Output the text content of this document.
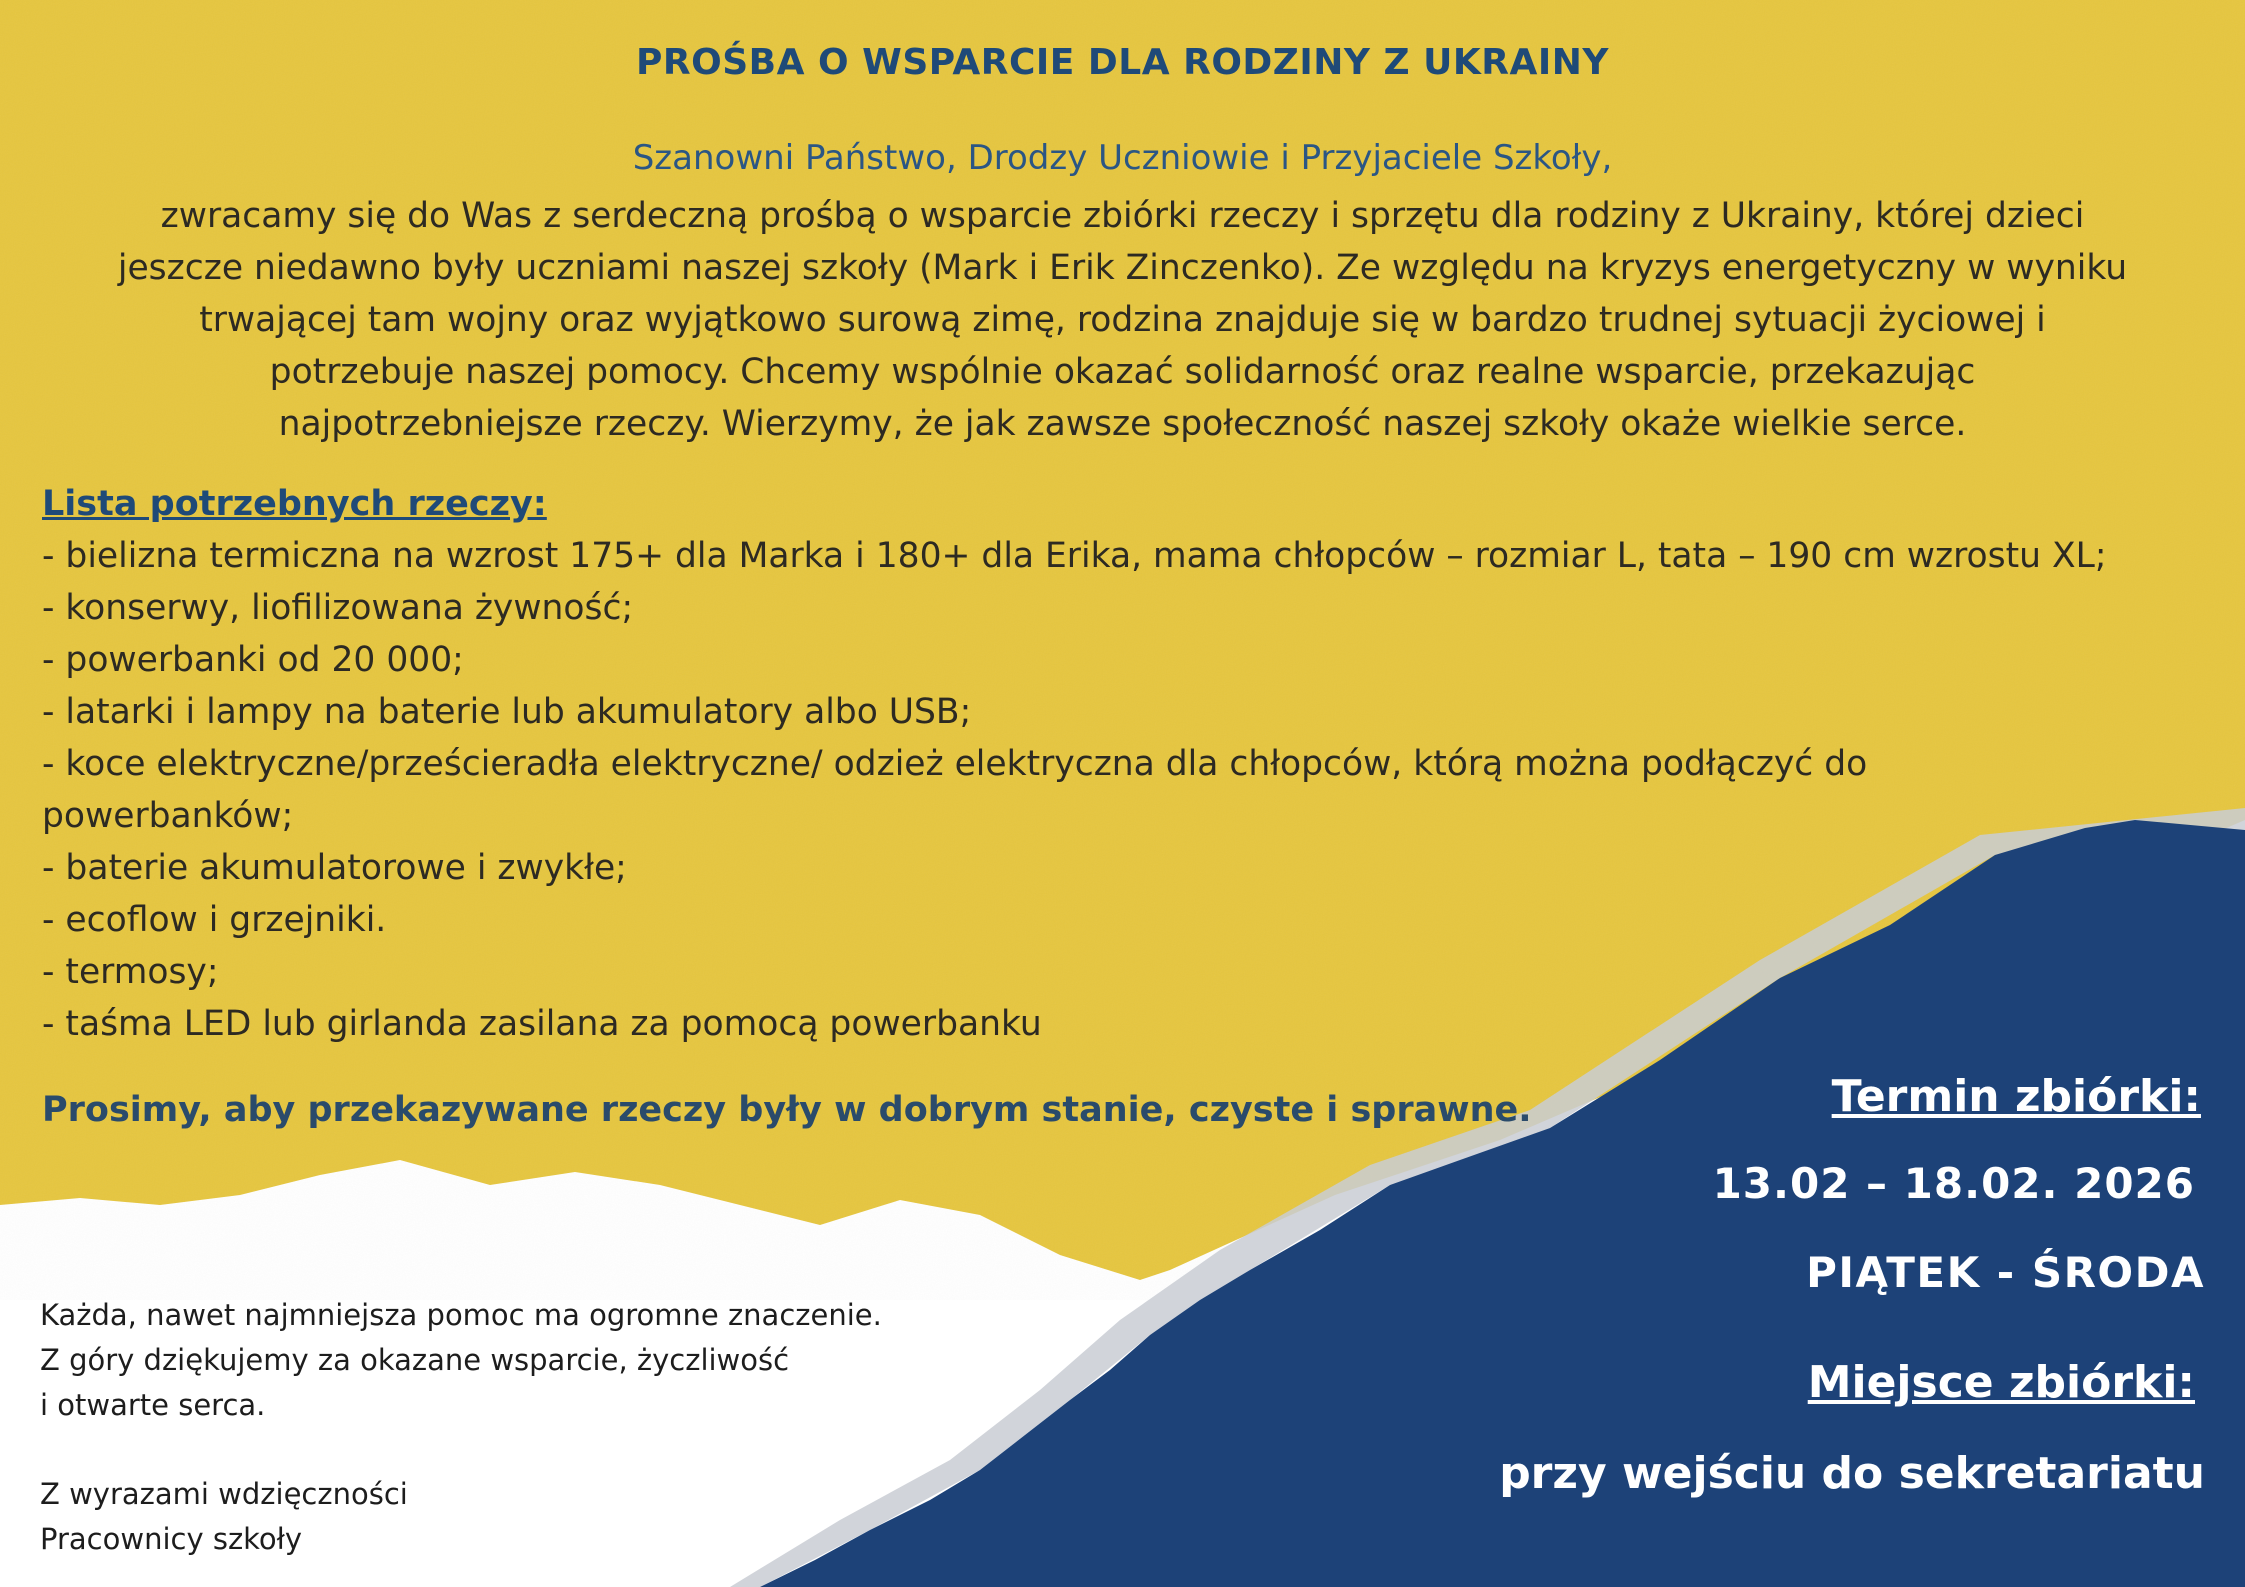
PROŚBA O WSPARCIE DLA RODZINY Z UKRAINY
Szanowni Państwo, Drodzy Uczniowie i Przyjaciele Szkoły,
zwracamy się do Was z serdeczną prośbą o wsparcie zbiórki rzeczy i sprzętu dla rodziny z Ukrainy, której dzieci
jeszcze niedawno były uczniami naszej szkoły (Mark i Erik Zinczenko). Ze względu na kryzys energetyczny w wyniku
trwającej tam wojny oraz wyjątkowo surową zimę, rodzina znajduje się w bardzo trudnej sytuacji życiowej i
potrzebuje naszej pomocy. Chcemy wspólnie okazać solidarność oraz realne wsparcie, przekazując
najpotrzebniejsze rzeczy. Wierzymy, że jak zawsze społeczność naszej szkoły okaże wielkie serce.
Lista potrzebnych rzeczy:
- bielizna termiczna na wzrost 175+ dla Marka i 180+ dla Erika, mama chłopców – rozmiar L, tata – 190 cm wzrostu XL;
- konserwy, liofilizowana żywność;
- powerbanki od 20 000;
- latarki i lampy na baterie lub akumulatory albo USB;
- koce elektryczne/prześcieradła elektryczne/ odzież elektryczna dla chłopców, którą można podłączyć do
powerbanków;
- baterie akumulatorowe i zwykłe;
- ecoflow i grzejniki.
- termosy;
- taśma LED lub girlanda zasilana za pomocą powerbanku
Prosimy, aby przekazywane rzeczy były w dobrym stanie, czyste i sprawne.
Każda, nawet najmniejsza pomoc ma ogromne znaczenie.
Z góry dziękujemy za okazane wsparcie, życzliwość
i otwarte serca.
Z wyrazami wdzięczności
Pracownicy szkoły
Termin zbiórki:
13.02 – 18.02. 2026
PIĄTEK - ŚRODA
Miejsce zbiórki:
przy wejściu do sekretariatu
